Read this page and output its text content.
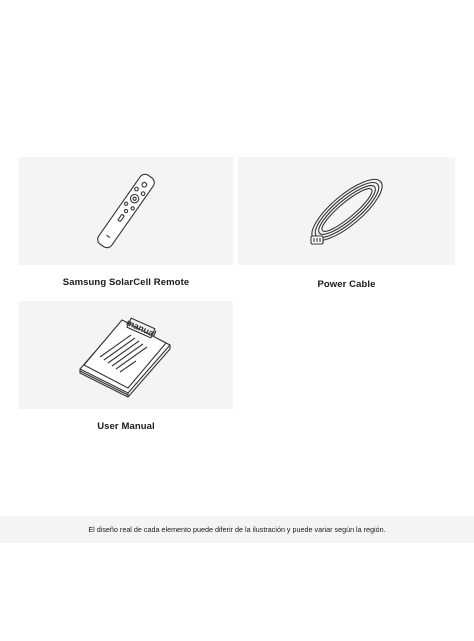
Samsung SolarCell Remote	Power Cable
manual
User Manual
El diseño real de cada elemento puede diferir de la ilustración y puede variar según la región.
